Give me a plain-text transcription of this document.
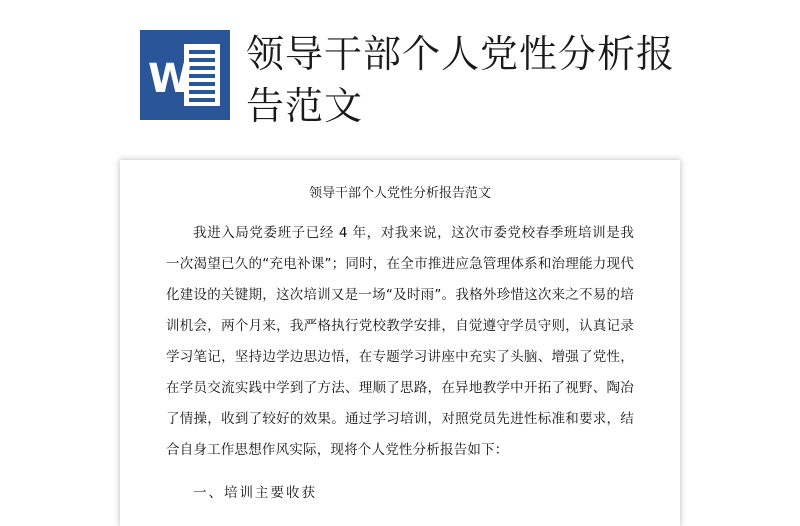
W
领导干部个人党性分析报告范文
领导干部个人党性分析报告范文

我进入局党委班子已经 4 年，对我来说，这次市委党校春季班培训是我一次渴望已久的“充电补课”；同时，在全市推进应急管理体系和治理能力现代化建设的关键期，这次培训又是一场“及时雨”。我格外珍惜这次来之不易的培训机会，两个月来，我严格执行党校教学安排，自觉遵守学员守则，认真记录学习笔记，坚持边学边思边悟，在专题学习讲座中充实了头脑、增强了党性，在学员交流实践中学到了方法、理顺了思路，在异地教学中开拓了视野、陶冶了情操，收到了较好的效果。通过学习培训，对照党员先进性标准和要求，结合自身工作思想作风实际，现将个人党性分析报告如下：

一、培训主要收获
